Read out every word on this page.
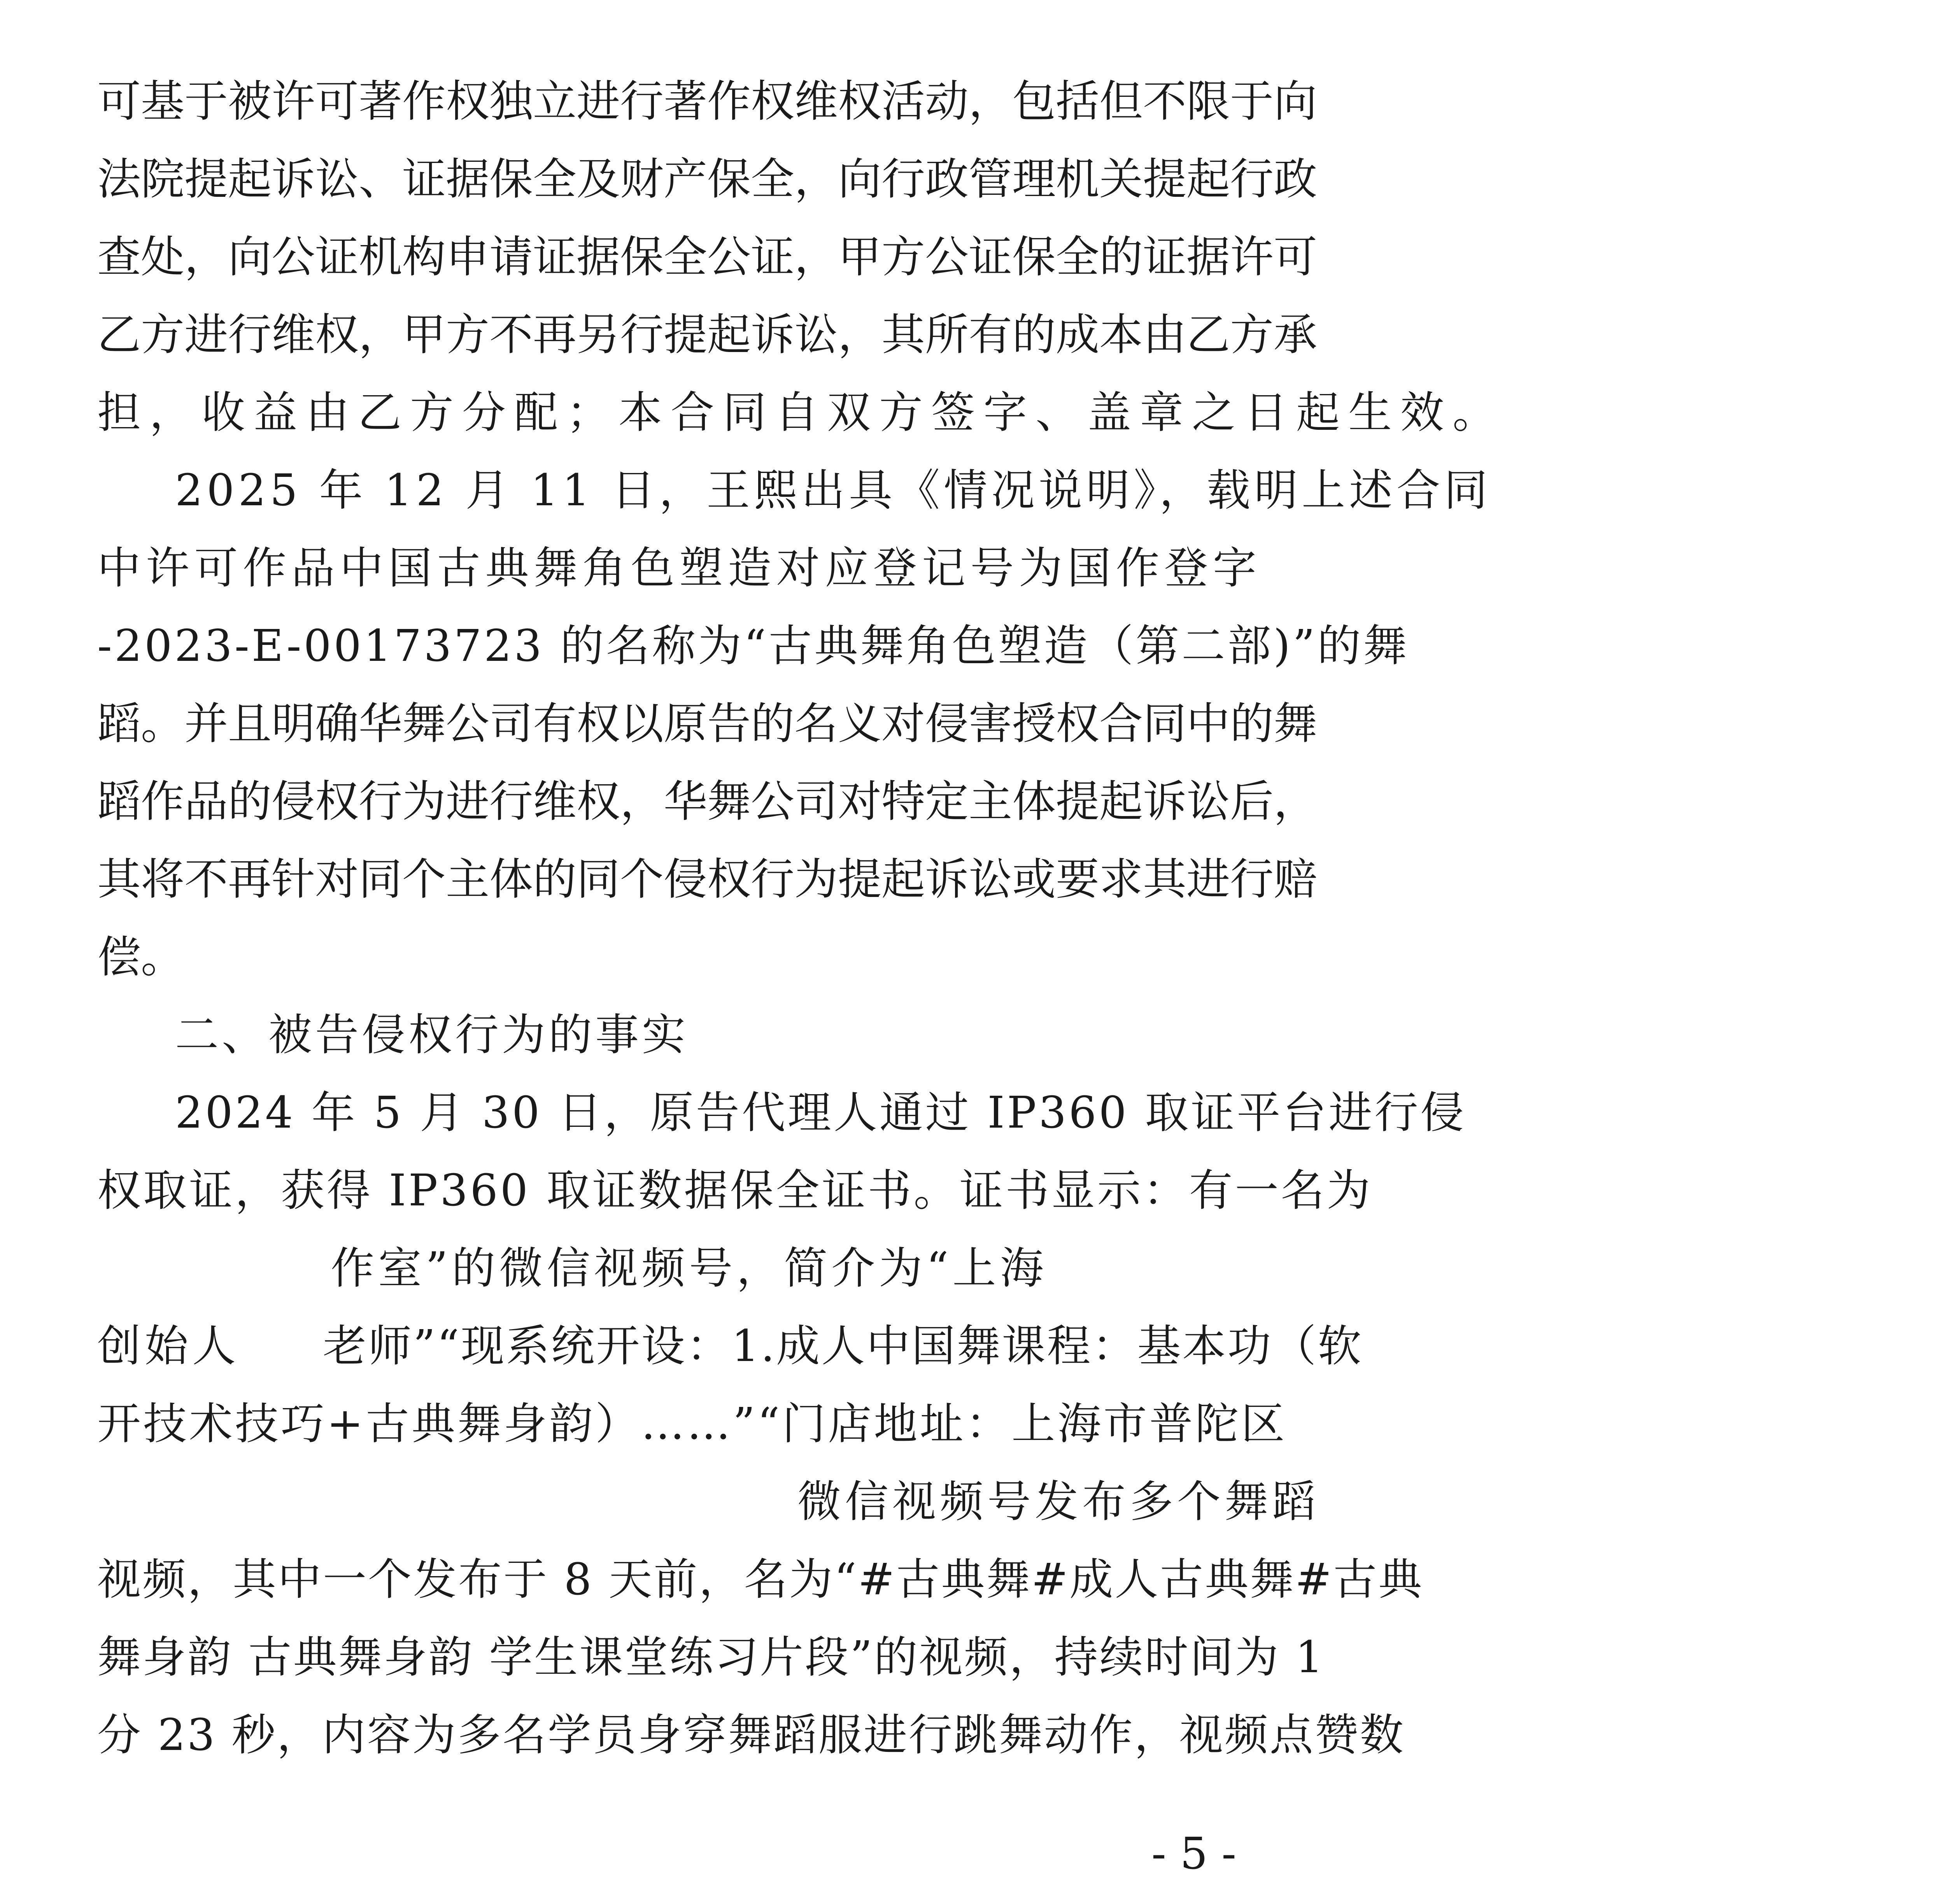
可 基 于 被 许 可 著 作 权 独 立 进 行 著 作 权 维 权 活 动 ， 包 括 但 不 限 于 向
法 院 提 起 诉 讼 、 证 据 保 全 及 财 产 保 全 ， 向 行 政 管 理 机 关 提 起 行 政
查 处 ， 向 公 证 机 构 申 请 证 据 保 全 公 证 ， 甲 方 公 证 保 全 的 证 据 许 可
乙 方 进 行 维 权 ， 甲 方 不 再 另 行 提 起 诉 讼 ， 其 所 有 的 成 本 由 乙 方 承
担，收益由乙方分配；本合同自双方签字、盖章之日起生效。
2025 年 12 月 11 日，王熙出具《情况说明》，载明上述合同
中 许 可 作 品 中 国 古 典 舞 角 色 塑 造 对 应 登 记 号 为 国 作 登 字
-2023-E-00173723 的名称为“古典舞角色塑造（第二部)”的舞
蹈 。 并 且 明 确 华 舞 公 司 有 权 以 原 告 的 名 义 对 侵 害 授 权 合 同 中 的 舞
蹈 作 品 的 侵 权 行 为 进 行 维 权 ， 华 舞 公 司 对 特 定 主 体 提 起 诉 讼 后 ，
其 将 不 再 针 对 同 个 主 体 的 同 个 侵 权 行 为 提 起 诉 讼 或 要 求 其 进 行 赔
偿。
二、被告侵权行为的事实
2024 年 5 月 30 日，原告代理人通过 IP360 取证平台进行侵
权取证，获得 IP360 取证数据保全证书。证书显示：有一名为
作室”的微信视频号，简介为“上海
创始人	老师”“现系统开设：1.成人中国舞课程：基本功（软
开技术技巧+古典舞身韵）……”“门店地址：上海市普陀区
微信视频号发布多个舞蹈
视频，其中一个发布于 8 天前，名为“#古典舞#成人古典舞#古典
舞身韵 古典舞身韵 学生课堂练习片段”的视频，持续时间为 1
分 23 秒，内容为多名学员身穿舞蹈服进行跳舞动作，视频点赞数
- 5 -
